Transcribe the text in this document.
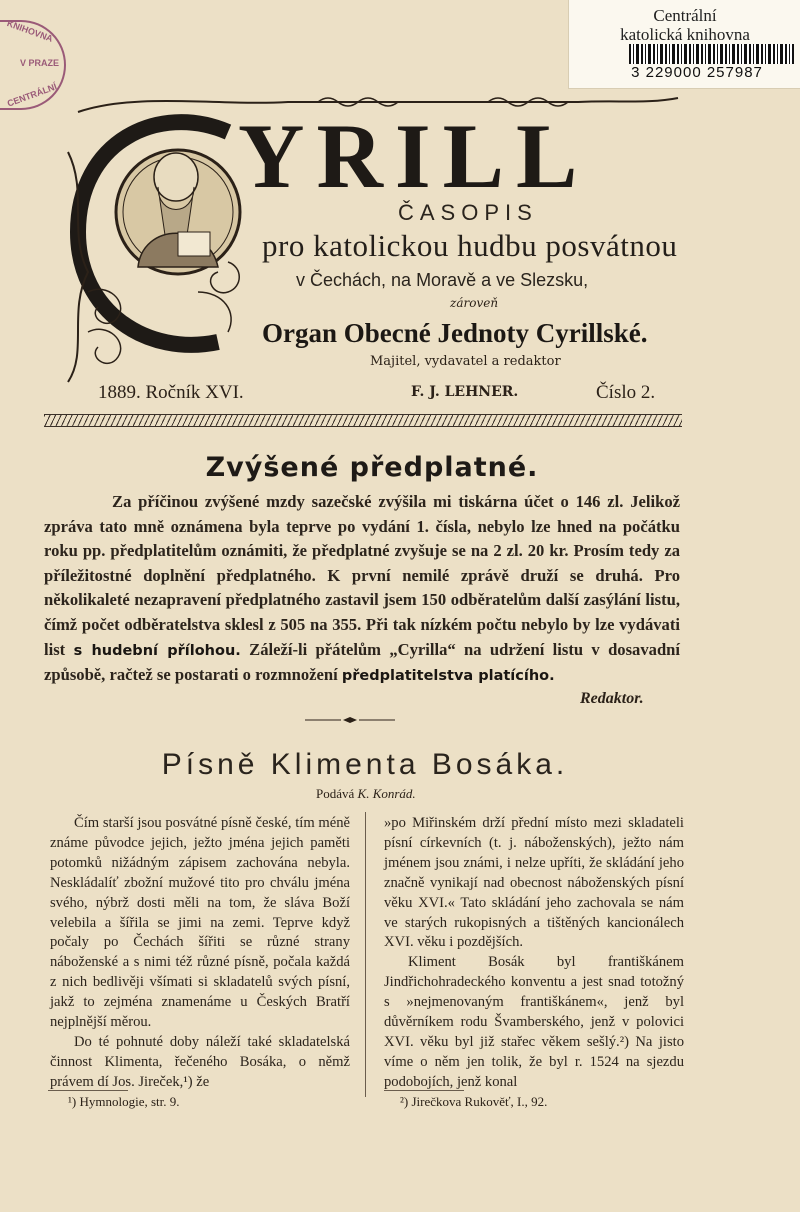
Centrální
katolická knihovna
3 229000 257987
KNIHOVNA
V PRAZE
CENTRÁLNÍ
YRILL
ČASOPIS
pro katolickou hudbu posvátnou
v Čechách, na Moravě a ve Slezsku,
zároveň
Organ Obecné Jednoty Cyrillské.
Majitel, vydavatel a redaktor
1889. Ročník XVI.	F. J. LEHNER.	Číslo 2.
Zvýšené předplatné.
Za příčinou zvýšené mzdy sazečské zvýšila mi tiskárna účet o 146 zl. Jelikož zpráva tato mně oznámena byla teprve po vydání 1. čísla, nebylo lze hned na počátku roku pp. předplatitelům oznámiti, že předplatné zvyšuje se na 2 zl. 20 kr. Prosím tedy za příležitostné doplnění předplatného. K první nemilé zprávě druží se druhá. Pro několikaleté nezapravení předplatného zastavil jsem 150 odběratelům další zasýlání listu, čímž počet odběratelstva sklesl z 505 na 355. Při tak nízkém počtu nebylo by lze vydávati list s hudební přílohou. Záleží-li přátelům „Cyrilla“ na udržení listu v dosavadní způsobě, račtež se postarati o rozmnožení předplatitelstva platícího.
Redaktor.
Písně Klimenta Bosáka.
Podává K. Konrád.

Čím starší jsou posvátné písně české, tím méně známe původce jejich, ježto jména jejich paměti potomků nižádným zápisem zachována nebyla. Neskládalíť zbožní mužové tito pro chválu jména svého, nýbrž dosti měli na tom, že sláva Boží velebila a šířila se jimi na zemi. Teprve když počaly po Čechách šířiti se různé strany náboženské a s nimi též různé písně, počala každá z nich bedlivěji všímati si skladatelů svých písní, jakž to zejména znamenáme u Českých Bratří nejplnější měrou.

Do té pohnuté doby náleží také skladatelská činnost Klimenta, řečeného Bosáka, o němž právem dí Jos. Jireček,¹) že

»po Miřinském drží přední místo mezi skladateli písní církevních (t. j. náboženských), ježto nám jménem jsou známi, i nelze upříti, že skládání jeho značně vynikají nad obecnost náboženských písní věku XVI.« Tato skládání jeho zachovala se nám ve starých rukopisných a tištěných kancionálech XVI. věku i pozdějších.

Kliment Bosák byl františkánem Jindřichohradeckého konventu a jest snad totožný s »nejmenovaným františkánem«, jenž byl důvěrníkem rodu Švamberského, jenž v polovici XVI. věku byl již stařec věkem sešlý.²) Na jisto víme o něm jen tolik, že byl r. 1524 na sjezdu podobojích, jenž konal

¹) Hymnologie, str. 9.	²) Jirečkova Rukověť, I., 92.
